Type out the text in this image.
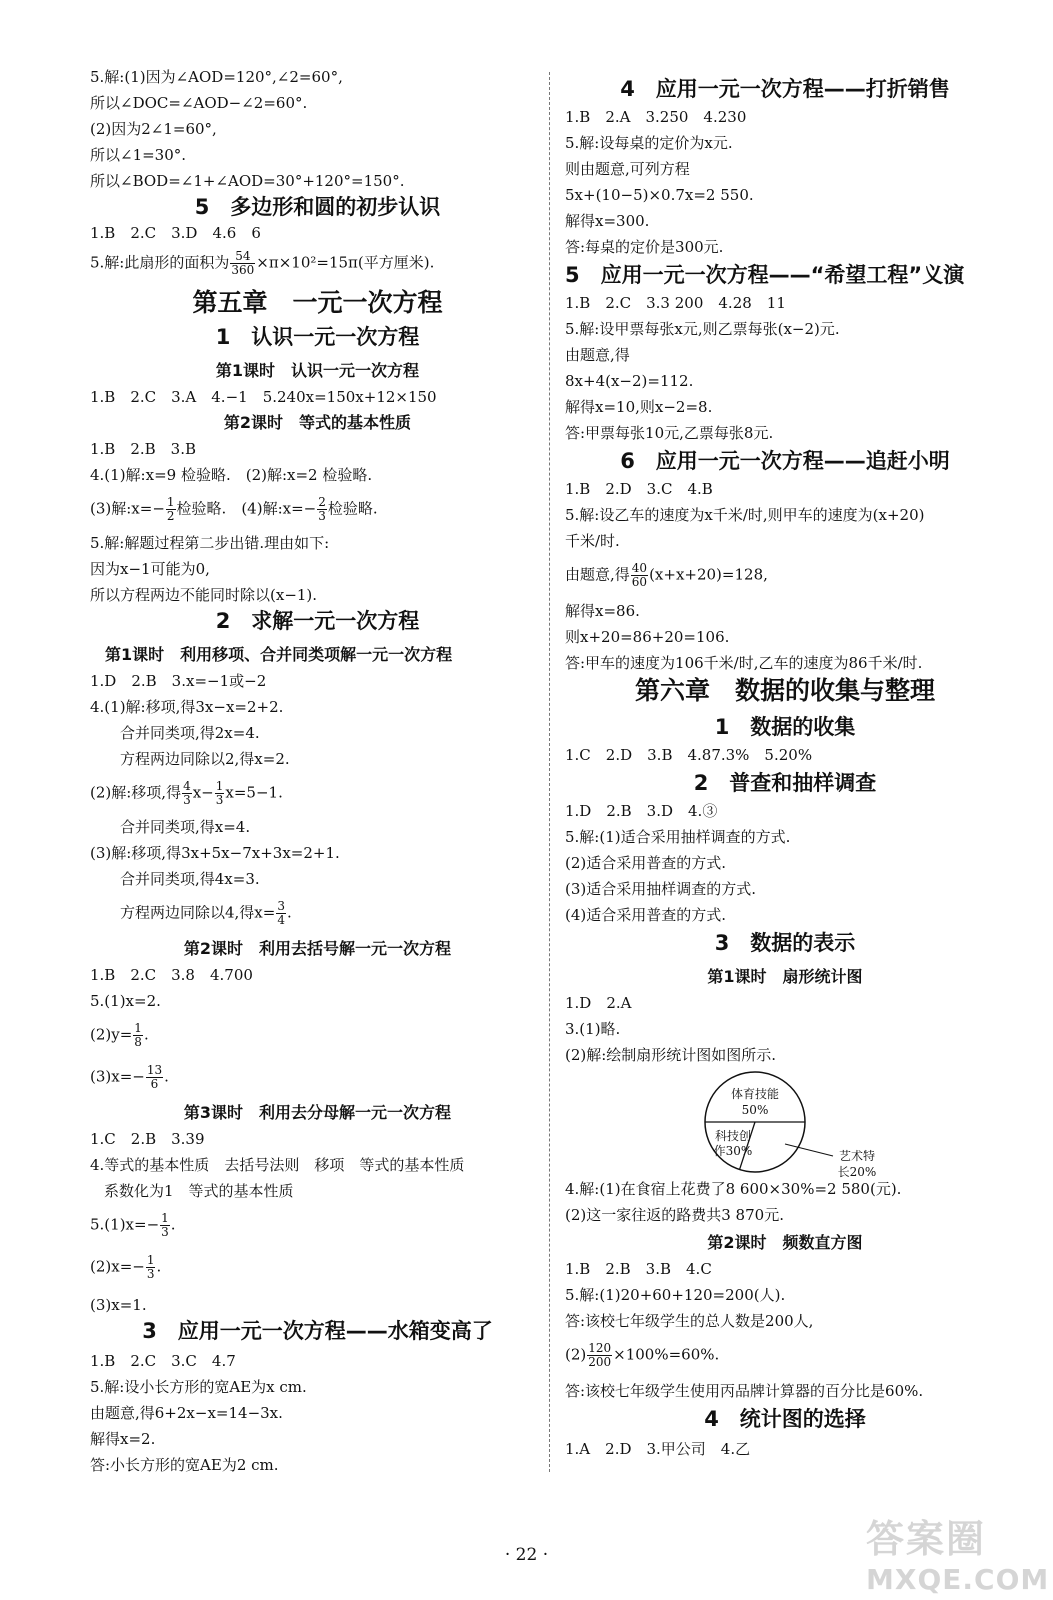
5.解:(1)因为∠AOD=120°,∠2=60°,
所以∠DOC=∠AOD−∠2=60°.
(2)因为2∠1=60°,
所以∠1=30°.
所以∠BOD=∠1+∠AOD=30°+120°=150°.
5　多边形和圆的初步认识
1.B　2.C　3.D　4.6　6
5.解:此扇形的面积为 $\frac{54}{360} \times\pi\times 10^2=15\pi$(平方厘米).
第五章　一元一次方程
1　认识一元一次方程
第1课时　认识一元一次方程
1.B　2.C　3.A　4.−1　5.240x=150x+12×150
第2课时　等式的基本性质
1.B　2.B　3.B
4.(1)解:x=9 检验略.　(2)解:x=2 检验略.
(3)解:x=− $\frac{1}{2}$ 检验略.　(4)解:x=− $\frac{2}{3}$ 检验略.
5.解:解题过程第二步出错.理由如下:
因为x−1可能为0,
所以方程两边不能同时除以(x−1).
2　求解一元一次方程
第1课时　利用移项、合并同类项解一元一次方程
1.D　2.B　3.x=−1或−2
4.(1)解:移项,得3x−x=2+2.
合并同类项,得2x=4.
方程两边同除以2,得x=2.
(2)解:移项,得 $\frac{4}{3} x- \frac{1}{3} x=5-1$.
合并同类项,得x=4.
(3)解:移项,得3x+5x−7x+3x=2+1.
合并同类项,得4x=3.
方程两边同除以4,得$x= \frac{3}{4}$ .
第2课时　利用去括号解一元一次方程
1.B　2.C　3.8　4.700
5.(1)x=2.
$(2)y= \frac{1}{8}$ .
$(3)x=- \frac{13}{6}$ .
第3课时　利用去分母解一元一次方程
1.C　2.B　3.39
4.等式的基本性质　去括号法则　移项　等式的基本性质
系数化为1　等式的基本性质
$5.(1)x=- \frac{1}{3}$ .
$(2)x=- \frac{1}{3}$ .
(3)x=1.
3　应用一元一次方程——水箱变高了
1.B　2.C　3.C　4.7
5.解:设小长方形的宽AE为x cm.
由题意,得6+2x−x=14−3x.
解得x=2.
答:小长方形的宽AE为2 cm.
4　应用一元一次方程——打折销售
1.B　2.A　3.250　4.230
5.解:设每桌的定价为x元.
则由题意,可列方程
5x+(10−5)×0.7x=2 550.
解得x=300.
答:每桌的定价是300元.
5　应用一元一次方程——“希望工程”义演
1.B　2.C　3.3 200　4.28　11
5.解:设甲票每张x元,则乙票每张(x−2)元.
由题意,得
8x+4(x−2)=112.
解得x=10,则x−2=8.
答:甲票每张10元,乙票每张8元.
6　应用一元一次方程——追赶小明
1.B　2.D　3.C　4.B
5.解:设乙车的速度为x千米/时,则甲车的速度为(x+20)
千米/时.
由题意,得 $\frac{40}{60} (x+x+20)=128$,
解得x=86.
则x+20=86+20=106.
答:甲车的速度为106千米/时,乙车的速度为86千米/时.
第六章　数据的收集与整理
1　数据的收集
1.C　2.D　3.B　4.87.3%　5.20%
2　普查和抽样调查
1.D　2.B　3.D　4.③
5.解:(1)适合采用抽样调查的方式.
(2)适合采用普查的方式.
(3)适合采用抽样调查的方式.
(4)适合采用普查的方式.
3　数据的表示
第1课时　扇形统计图
1.D　2.A
3.(1)略.
(2)解:绘制扇形统计图如图所示.
体育技能
50%
科技创
作30%	艺术特
长20%
4.解:(1)在食宿上花费了8 600×30%=2 580(元).
(2)这一家往返的路费共3 870元.
第2课时　频数直方图
1.B　2.B　3.B　4.C
5.解:(1)20+60+120=200(人).
答:该校七年级学生的总人数是200人,
$(2) \frac{120}{200} \times 100\%=60\%$.
答:该校七年级学生使用丙品牌计算器的百分比是60%.
4　统计图的选择
1.A　2.D　3.甲公司　4.乙
· 22 ·	答案圈
MXQE.COM
